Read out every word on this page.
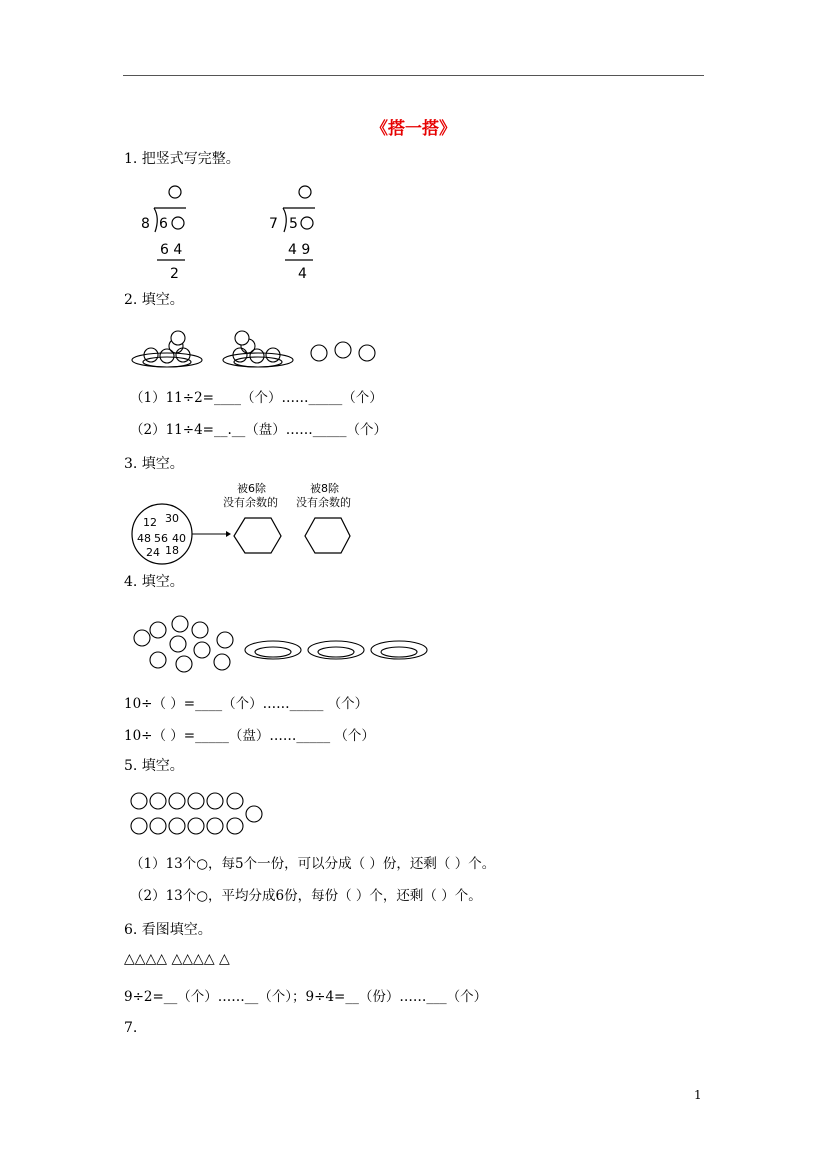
《搭一搭》
1. 把竖式写完整。
8 6
6 4
2
7 5
4 9
4
2. 填空。
（1）11÷2=____（个）……_____（个）
（2）11÷4=__.__（盘）……_____（个）
3. 填空。
12 30
48 56 40
24 18
被6除
没有余数的
被8除
没有余数的
4. 填空。
10÷（ ）=____（个）……_____ （个）
10÷（ ）=_____（盘）……_____ （个）
5. 填空。
（1）13个○，每5个一份，可以分成（ ）份，还剩（ ）个。
（2）13个○，平均分成6份，每份（ ）个，还剩（ ）个。
6. 看图填空。
△△△△ △△△△ △
9÷2=__（个）……__（个）；9÷4=__（份）……___（个）
7.
1
